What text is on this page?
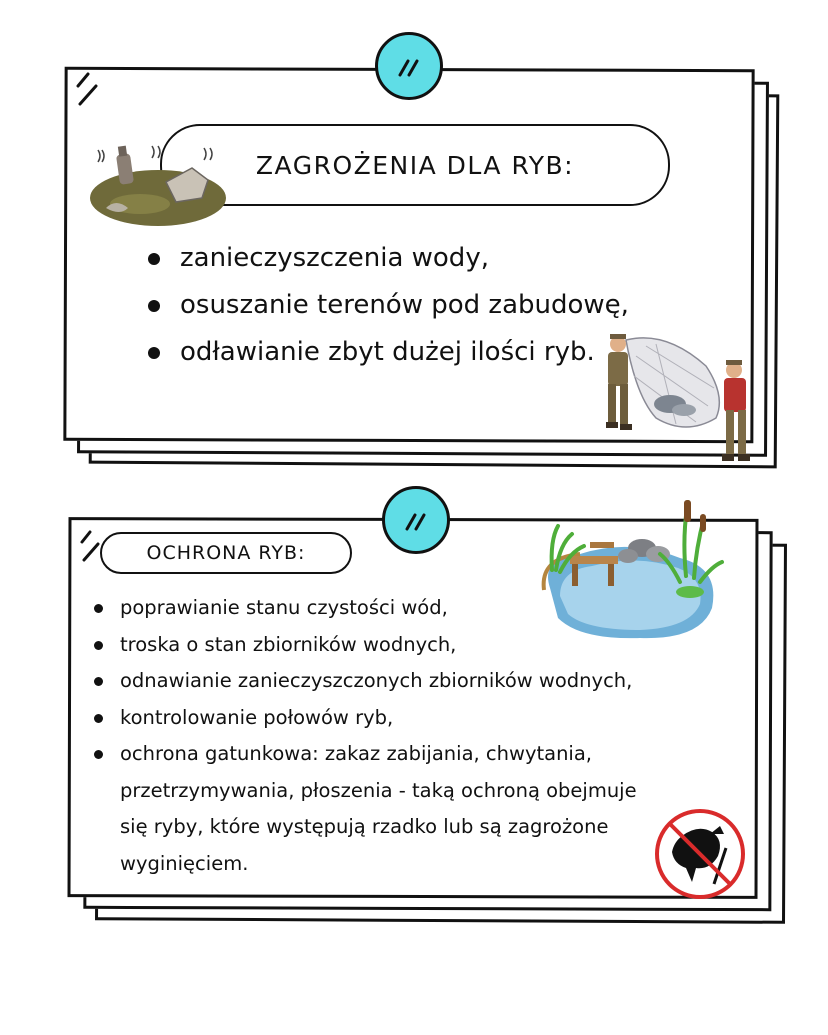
ZAGROŻENIA DLA RYB:
zanieczyszczenia wody,
osuszanie terenów pod zabudowę,
odławianie zbyt dużej ilości ryb.
OCHRONA RYB:
poprawianie stanu czystości wód,
troska o stan zbiorników wodnych,
odnawianie zanieczyszczonych zbiorników wodnych,
kontrolowanie połowów ryb,
ochrona gatunkowa: zakaz zabijania, chwytania,
przetrzymywania, płoszenia - taką ochroną obejmuje
się ryby, które występują rzadko lub są zagrożone
wyginięciem.
